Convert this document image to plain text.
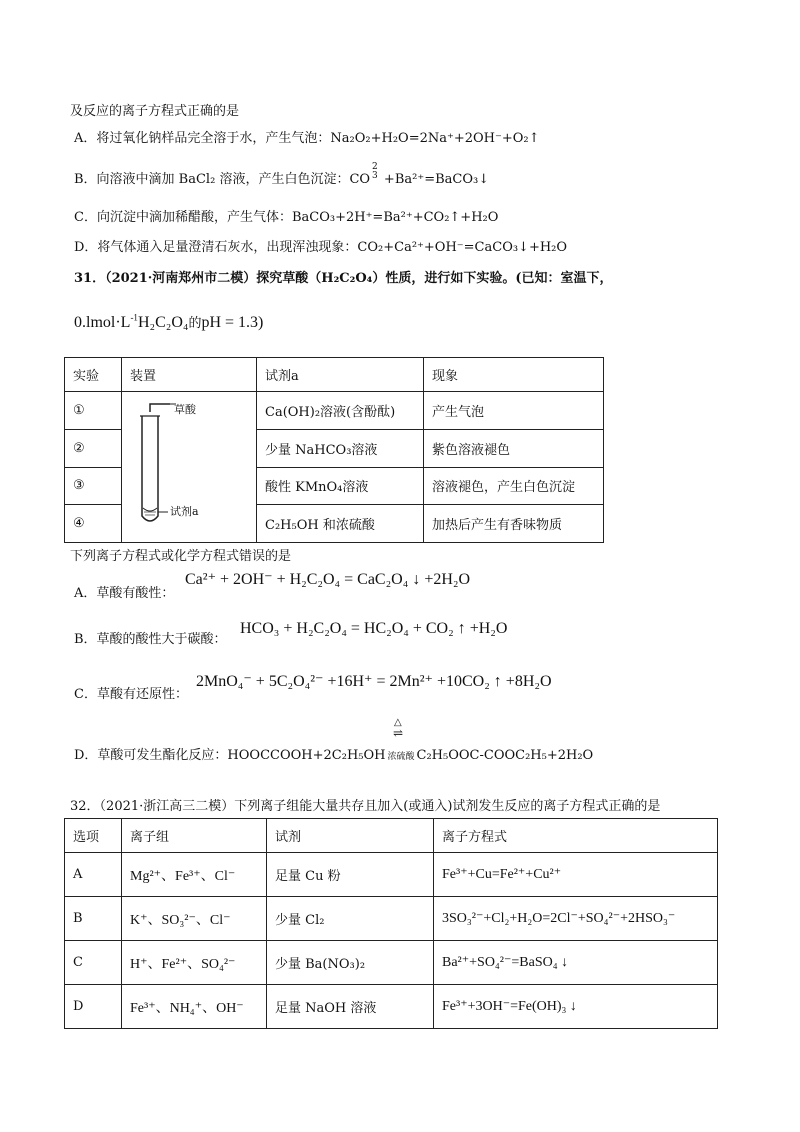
及反应的离子方程式正确的是
A．将过氧化钠样品完全溶于水，产生气泡：Na₂O₂+H₂O=2Na⁺+2OH⁻+O₂↑
B．向溶液中滴加 BaCl₂ 溶液，产生白色沉淀：CO2
3 +Ba²⁺=BaCO₃↓
C．向沉淀中滴加稀醋酸，产生气体：BaCO₃+2H⁺=Ba²⁺+CO₂↑+H₂O
D．将气体通入足量澄清石灰水，出现浑浊现象：CO₂+Ca²⁺+OH⁻=CaCO₃↓+H₂O
31．（2021·河南郑州市二模）探究草酸（H₂C₂O₄）性质，进行如下实验。(已知：室温下，
$0.lmol\cdot L^{-1}H_2C_2O_4$的pH = 1.3)
实验	装置	试剂a	现象
①		Ca(OH)₂溶液(含酚酞)	产生气泡
②		少量 NaHCO₃溶液	紫色溶液褪色
③		酸性 KMnO₄溶液	溶液褪色，产生白色沉淀
④		C₂H₅OH 和浓硫酸	加热后产生有香味物质
草酸
试剂a
下列离子方程式或化学方程式错误的是
A．草酸有酸性：
Ca²⁺ + 2OH⁻ + H₂C₂O₄ = CaC₂O₄ ↓ +2H₂O
B．草酸的酸性大于碳酸：
HCO₃ + H₂C₂O₄ = HC₂O₄ + CO₂ ↑ +H₂O
C．草酸有还原性：
2MnO₄⁻ + 5C₂O₄²⁻ +16H⁺ = 2Mn²⁺ +10CO₂ ↑ +8H₂O
△
⇌
D．草酸可发生酯化反应：HOOCCOOH+2C₂H₅OH 浓硫酸 C₂H₅OOC-COOC₂H₅+2H₂O
32．（2021·浙江高三二模）下列离子组能大量共存且加入(或通入)试剂发生反应的离子方程式正确的是
选项	离子组	试剂	离子方程式
A	Mg²⁺、Fe³⁺、Cl⁻	足量 Cu 粉	Fe³⁺+Cu=Fe²⁺+Cu²⁺
B	K⁺、SO₃²⁻、Cl⁻	少量 Cl₂	3SO₃²⁻+Cl₂+H₂O=2Cl⁻+SO₄²⁻+2HSO₃⁻
C	H⁺、Fe²⁺、SO₄²⁻	少量 Ba(NO₃)₂	Ba²⁺+SO₄²⁻=BaSO₄ ↓
D	Fe³⁺、NH₄⁺、OH⁻	足量 NaOH 溶液	Fe³⁺+3OH⁻=Fe(OH)₃ ↓
